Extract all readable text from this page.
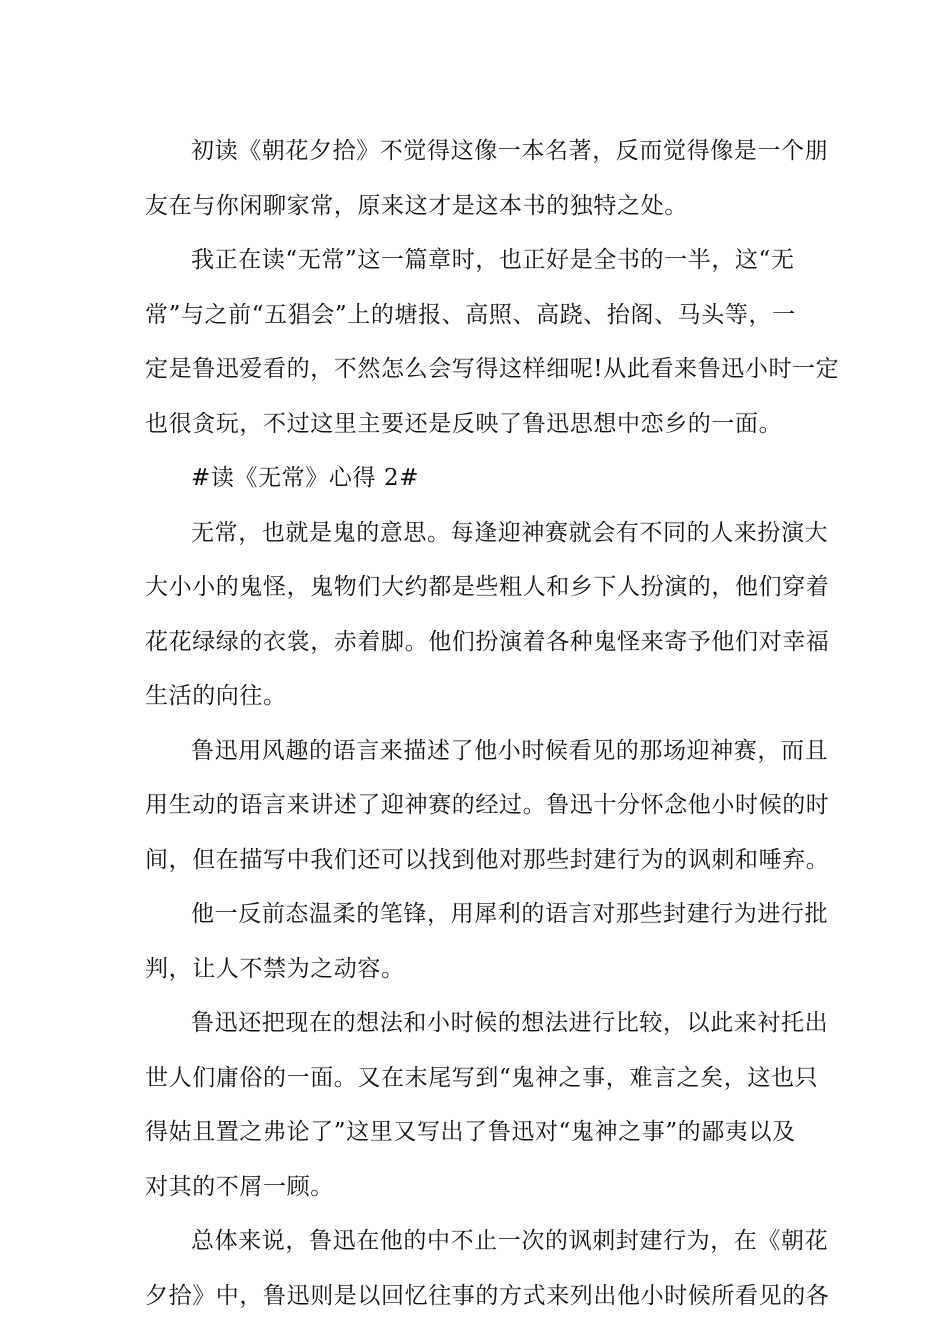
初读《朝花夕拾》不觉得这像一本名著，反而觉得像是一个朋
友在与你闲聊家常，原来这才是这本书的独特之处。

我正在读“无常”这一篇章时，也正好是全书的一半，这“无
常”与之前“五猖会”上的塘报、高照、高跷、抬阁、马头等，一
定是鲁迅爱看的，不然怎么会写得这样细呢!从此看来鲁迅小时一定
也很贪玩，不过这里主要还是反映了鲁迅思想中恋乡的一面。

#读《无常》心得 2#

无常，也就是鬼的意思。每逢迎神赛就会有不同的人来扮演大
大小小的鬼怪，鬼物们大约都是些粗人和乡下人扮演的，他们穿着
花花绿绿的衣裳，赤着脚。他们扮演着各种鬼怪来寄予他们对幸福
生活的向往。

鲁迅用风趣的语言来描述了他小时候看见的那场迎神赛，而且
用生动的语言来讲述了迎神赛的经过。鲁迅十分怀念他小时候的时
间，但在描写中我们还可以找到他对那些封建行为的讽刺和唾弃。

他一反前态温柔的笔锋，用犀利的语言对那些封建行为进行批
判，让人不禁为之动容。

鲁迅还把现在的想法和小时候的想法进行比较，以此来衬托出
世人们庸俗的一面。又在末尾写到“鬼神之事，难言之矣，这也只
得姑且置之弗论了”这里又写出了鲁迅对“鬼神之事”的鄙夷以及
对其的不屑一顾。

总体来说，鲁迅在他的中不止一次的讽刺封建行为，在《朝花
夕拾》中，鲁迅则是以回忆往事的方式来列出他小时候所看见的各
